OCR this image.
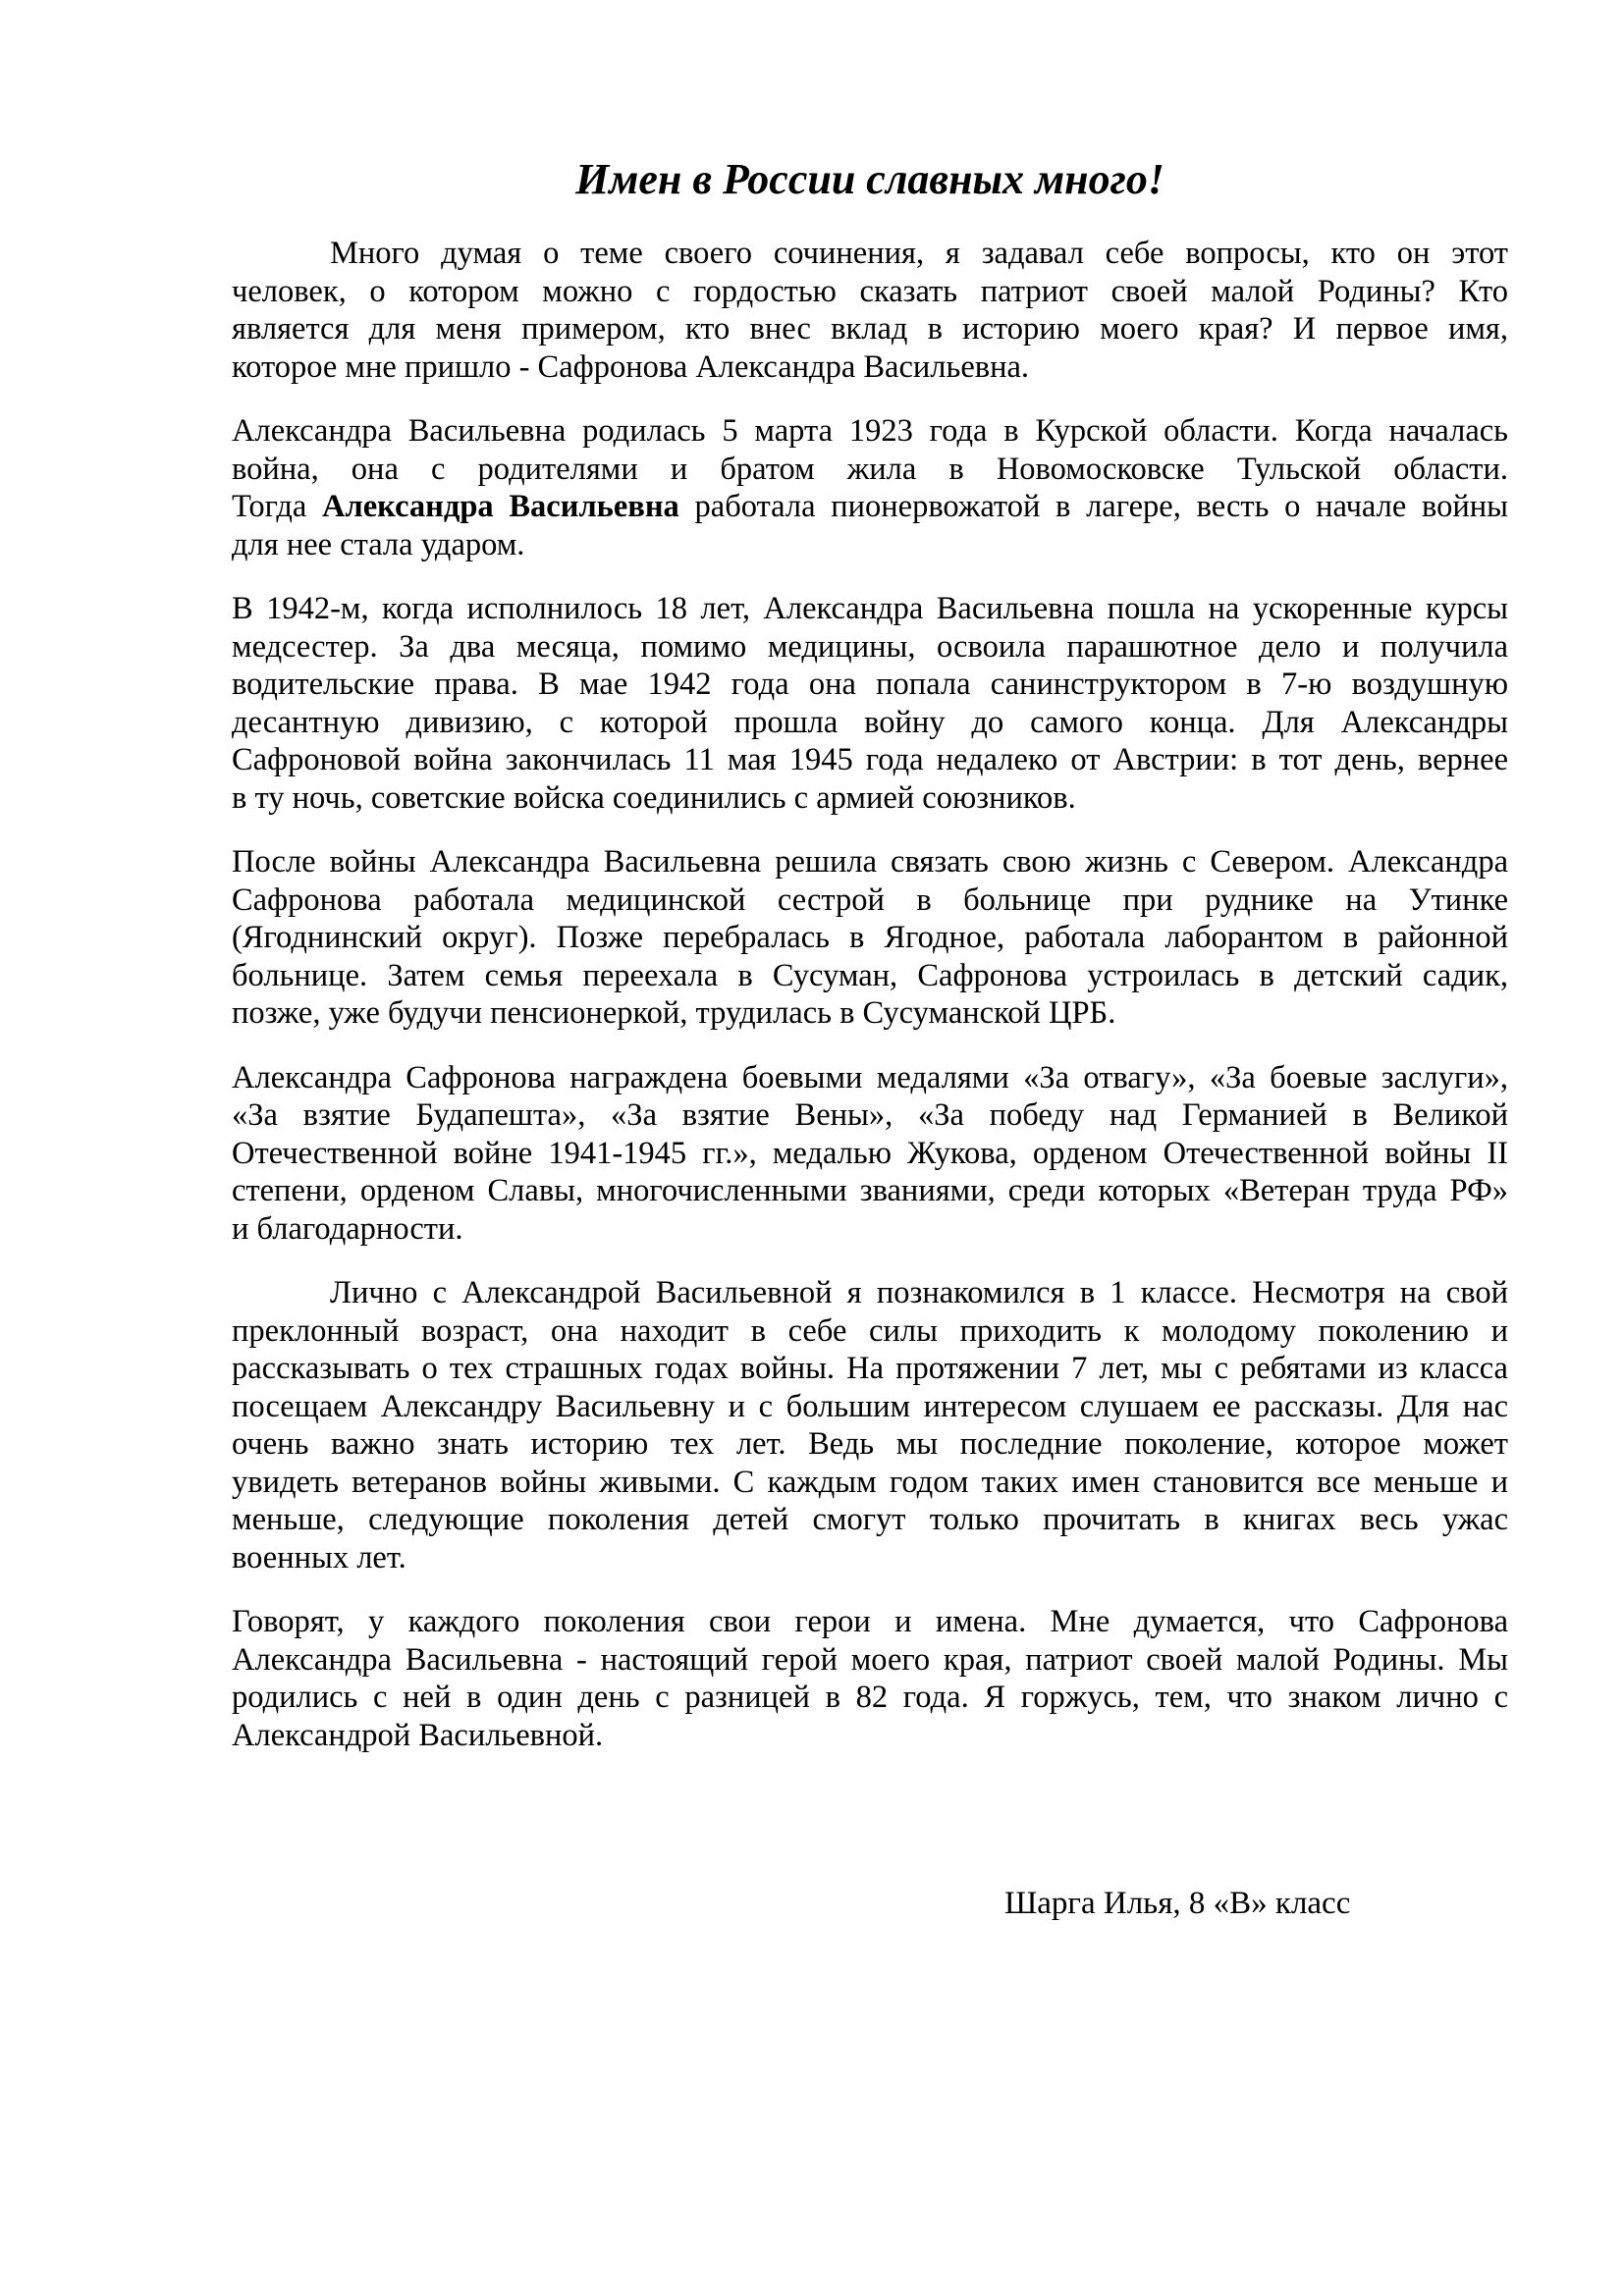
Имен в России славных много!
Много думая о теме своего сочинения, я задавал себе вопросы, кто он этот
человек, о котором можно с гордостью сказать патриот своей малой Родины? Кто
является для меня примером, кто внес вклад в историю моего края? И первое имя,
которое мне пришло - Сафронова Александра Васильевна.
Александра Васильевна родилась 5 марта 1923 года в Курской области. Когда началась
война, она с родителями и братом жила в Новомосковске Тульской области.
Тогда Александра Васильевна работала пионервожатой в лагере, весть о начале войны
для нее стала ударом.
В 1942-м, когда исполнилось 18 лет, Александра Васильевна пошла на ускоренные курсы
медсестер. За два месяца, помимо медицины, освоила парашютное дело и получила
водительские права. В мае 1942 года она попала санинструктором в 7-ю воздушную
десантную дивизию, с которой прошла войну до самого конца. Для Александры
Сафроновой война закончилась 11 мая 1945 года недалеко от Австрии: в тот день, вернее
в ту ночь, советские войска соединились с армией союзников.
После войны Александра Васильевна решила связать свою жизнь с Севером. Александра
Сафронова работала медицинской сестрой в больнице при руднике на Утинке
(Ягоднинский округ). Позже перебралась в Ягодное, работала лаборантом в районной
больнице. Затем семья переехала в Сусуман, Сафронова устроилась в детский садик,
позже, уже будучи пенсионеркой, трудилась в Сусуманской ЦРБ.
Александра Сафронова награждена боевыми медалями «За отвагу», «За боевые заслуги»,
«За взятие Будапешта», «За взятие Вены», «За победу над Германией в Великой
Отечественной войне 1941-1945 гг.», медалью Жукова, орденом Отечественной войны II
степени, орденом Славы, многочисленными званиями, среди которых «Ветеран труда РФ»
и благодарности.
Лично с Александрой Васильевной я познакомился в 1 классе. Несмотря на свой
преклонный возраст, она находит в себе силы приходить к молодому поколению и
рассказывать о тех страшных годах войны. На протяжении 7 лет, мы с ребятами из класса
посещаем Александру Васильевну и с большим интересом слушаем ее рассказы. Для нас
очень важно знать историю тех лет. Ведь мы последние поколение, которое может
увидеть ветеранов войны живыми. С каждым годом таких имен становится все меньше и
меньше, следующие поколения детей смогут только прочитать в книгах весь ужас
военных лет.
Говорят, у каждого поколения свои герои и имена. Мне думается, что Сафронова
Александра Васильевна - настоящий герой моего края, патриот своей малой Родины. Мы
родились с ней в один день с разницей в 82 года. Я горжусь, тем, что знаком лично с
Александрой Васильевной.
Шарга Илья, 8 «В» класс
